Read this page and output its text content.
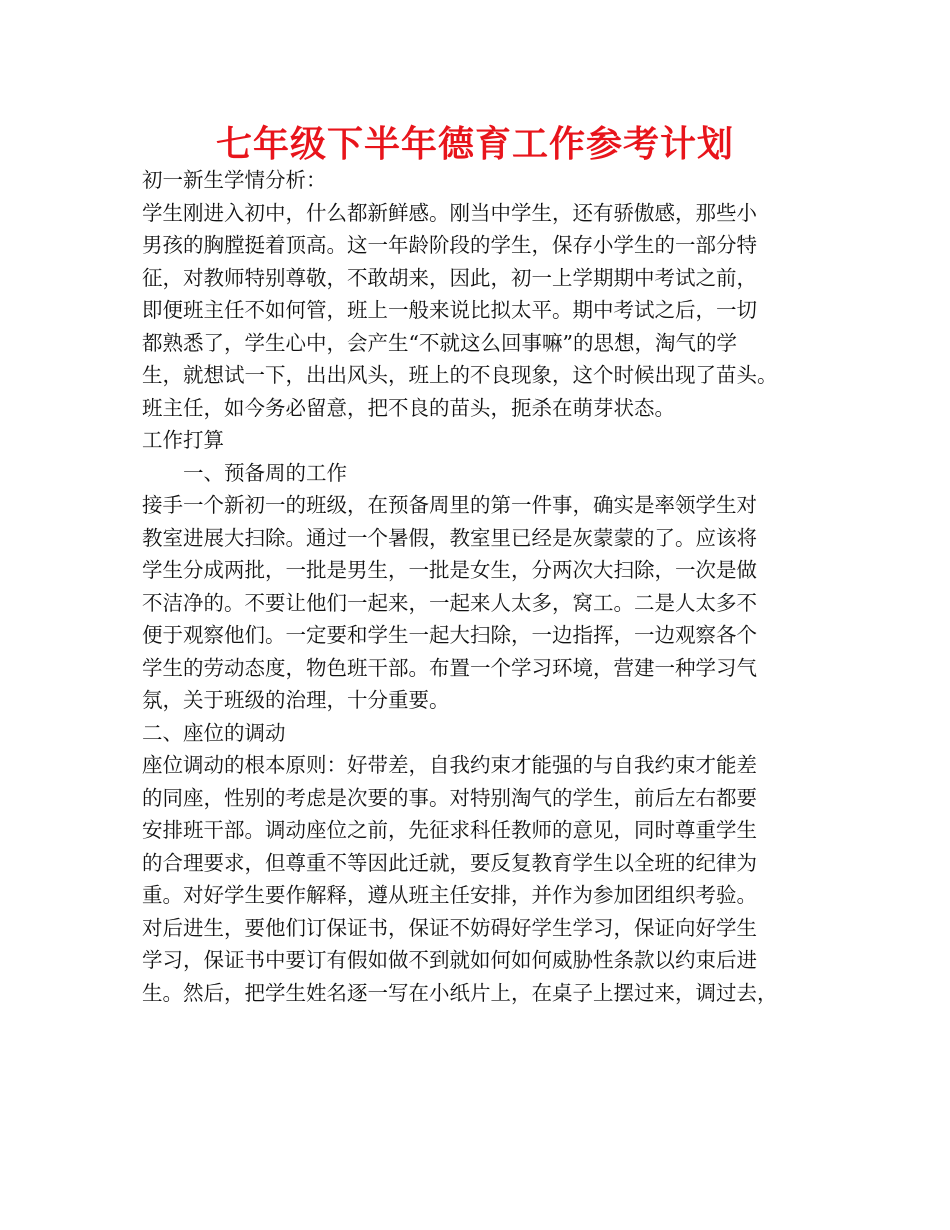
七年级下半年德育工作参考计划

初一新生学情分析：

学生刚进入初中，什么都新鲜感。刚当中学生，还有骄傲感，那些小

男孩的胸膛挺着顶高。这一年龄阶段的学生，保存小学生的一部分特

征，对教师特别尊敬，不敢胡来，因此，初一上学期期中考试之前，

即便班主任不如何管，班上一般来说比拟太平。期中考试之后，一切

都熟悉了，学生心中，会产生“不就这么回事嘛”的思想，淘气的学

生，就想试一下，出出风头，班上的不良现象，这个时候出现了苗头。

班主任，如今务必留意，把不良的苗头，扼杀在萌芽状态。

工作打算

一、预备周的工作

接手一个新初一的班级，在预备周里的第一件事，确实是率领学生对

教室进展大扫除。通过一个暑假，教室里已经是灰蒙蒙的了。应该将

学生分成两批，一批是男生，一批是女生，分两次大扫除，一次是做

不洁净的。不要让他们一起来，一起来人太多，窝工。二是人太多不

便于观察他们。一定要和学生一起大扫除，一边指挥，一边观察各个

学生的劳动态度，物色班干部。布置一个学习环境，营建一种学习气

氛，关于班级的治理，十分重要。

二、座位的调动

座位调动的根本原则：好带差，自我约束才能强的与自我约束才能差

的同座，性别的考虑是次要的事。对特别淘气的学生，前后左右都要

安排班干部。调动座位之前，先征求科任教师的意见，同时尊重学生

的合理要求，但尊重不等因此迁就，要反复教育学生以全班的纪律为

重。对好学生要作解释，遵从班主任安排，并作为参加团组织考验。

对后进生，要他们订保证书，保证不妨碍好学生学习，保证向好学生

学习，保证书中要订有假如做不到就如何如何威胁性条款以约束后进

生。然后，把学生姓名逐一写在小纸片上，在桌子上摆过来，调过去，
